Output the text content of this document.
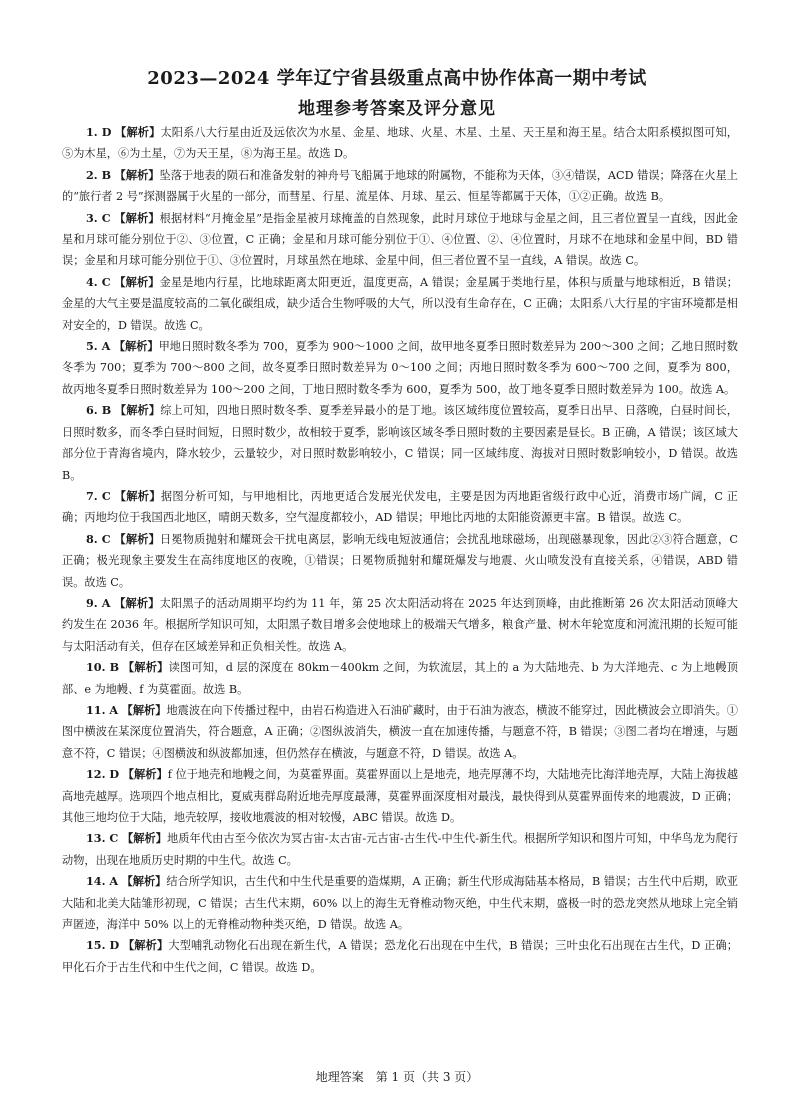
2023—2024 学年辽宁省县级重点高中协作体高一期中考试
地理参考答案及评分意见

1. D 【解析】太阳系八大行星由近及远依次为水星、金星、地球、火星、木星、土星、天王星和海王星。结合太阳系模拟图可知，⑤为木星，⑥为土星，⑦为天王星，⑧为海王星。故选 D。

2. B 【解析】坠落于地表的陨石和准备发射的神舟号飞船属于地球的附属物，不能称为天体，③④错误，ACD 错误；降落在火星上的“旅行者 2 号”探测器属于火星的一部分，而彗星、行星、流星体、月球、星云、恒星等都属于天体，①②正确。故选 B。

3. C 【解析】根据材料“月掩金星”是指金星被月球掩盖的自然现象，此时月球位于地球与金星之间，且三者位置呈一直线，因此金星和月球可能分别位于②、③位置，C 正确；金星和月球可能分别位于①、④位置、②、④位置时，月球不在地球和金星中间，BD 错误；金星和月球可能分别位于①、③位置时，月球虽然在地球、金星中间，但三者位置不呈一直线，A 错误。故选 C。

4. C 【解析】金星是地内行星，比地球距离太阳更近，温度更高，A 错误；金星属于类地行星，体积与质量与地球相近，B 错误；金星的大气主要是温度较高的二氧化碳组成，缺少适合生物呼吸的大气，所以没有生命存在，C 正确；太阳系八大行星的宇宙环境都是相对安全的，D 错误。故选 C。

5. A 【解析】甲地日照时数冬季为 700，夏季为 900～1000 之间，故甲地冬夏季日照时数差异为 200～300 之间；乙地日照时数冬季为 700；夏季为 700～800 之间，故冬夏季日照时数差异为 0～100 之间；丙地日照时数冬季为 600～700 之间，夏季为 800，故丙地冬夏季日照时数差异为 100～200 之间，丁地日照时数冬季为 600，夏季为 500，故丁地冬夏季日照时数差异为 100。故选 A。

6. B 【解析】综上可知，四地日照时数冬季、夏季差异最小的是丁地。该区域纬度位置较高，夏季日出早、日落晚，白昼时间长，日照时数多，而冬季白昼时间短，日照时数少，故相较于夏季，影响该区域冬季日照时数的主要因素是昼长。B 正确，A 错误；该区域大部分位于青海省境内，降水较少，云量较少，对日照时数影响较小，C 错误；同一区域纬度、海拔对日照时数影响较小，D 错误。故选 B。

7. C 【解析】据图分析可知，与甲地相比，丙地更适合发展光伏发电，主要是因为丙地距省级行政中心近，消费市场广阔，C 正确；丙地均位于我国西北地区，晴朗天数多，空气湿度都较小，AD 错误；甲地比丙地的太阳能资源更丰富。B 错误。故选 C。

8. C 【解析】日冕物质抛射和耀斑会干扰电离层，影响无线电短波通信；会扰乱地球磁场，出现磁暴现象，因此②③符合题意，C 正确；极光现象主要发生在高纬度地区的夜晚，①错误；日冕物质抛射和耀斑爆发与地震、火山喷发没有直接关系，④错误，ABD 错误。故选 C。

9. A 【解析】太阳黑子的活动周期平均约为 11 年，第 25 次太阳活动将在 2025 年达到顶峰，由此推断第 26 次太阳活动顶峰大约发生在 2036 年。根据所学知识可知，太阳黑子数目增多会使地球上的极端天气增多，粮食产量、树木年轮宽度和河流汛期的长短可能与太阳活动有关，但存在区域差异和正负相关性。故选 A。

10. B 【解析】读图可知，d 层的深度在 80km－400km 之间，为软流层，其上的 a 为大陆地壳、b 为大洋地壳、c 为上地幔顶部、e 为地幔、f 为莫霍面。故选 B。

11. A 【解析】地震波在向下传播过程中，由岩石构造进入石油矿藏时，由于石油为液态，横波不能穿过，因此横波会立即消失。①图中横波在某深度位置消失，符合题意，A 正确；②图纵波消失，横波一直在加速传播，与题意不符，B 错误；③图二者均在增速，与题意不符，C 错误；④图横波和纵波都加速，但仍然存在横波，与题意不符，D 错误。故选 A。

12. D 【解析】f 位于地壳和地幔之间，为莫霍界面。莫霍界面以上是地壳，地壳厚薄不均，大陆地壳比海洋地壳厚，大陆上海拔越高地壳越厚。选项四个地点相比，夏威夷群岛附近地壳厚度最薄，莫霍界面深度相对最浅，最快得到从莫霍界面传来的地震波，D 正确；其他三地均位于大陆，地壳较厚，接收地震波的相对较慢，ABC 错误。故选 D。

13. C 【解析】地质年代由古至今依次为冥古宙-太古宙-元古宙-古生代-中生代-新生代。根据所学知识和图片可知，中华鸟龙为爬行动物，出现在地质历史时期的中生代。故选 C。

14. A 【解析】结合所学知识，古生代和中生代是重要的造煤期，A 正确；新生代形成海陆基本格局，B 错误；古生代中后期，欧亚大陆和北美大陆雏形初现，C 错误；古生代末期，60% 以上的海生无脊椎动物灭绝，中生代末期，盛极一时的恐龙突然从地球上完全销声匿迹，海洋中 50% 以上的无脊椎动物种类灭绝，D 错误。故选 A。

15. D 【解析】大型哺乳动物化石出现在新生代，A 错误；恐龙化石出现在中生代，B 错误；三叶虫化石出现在古生代，D 正确；甲化石介于古生代和中生代之间，C 错误。故选 D。

地理答案　第 1 页（共 3 页）
